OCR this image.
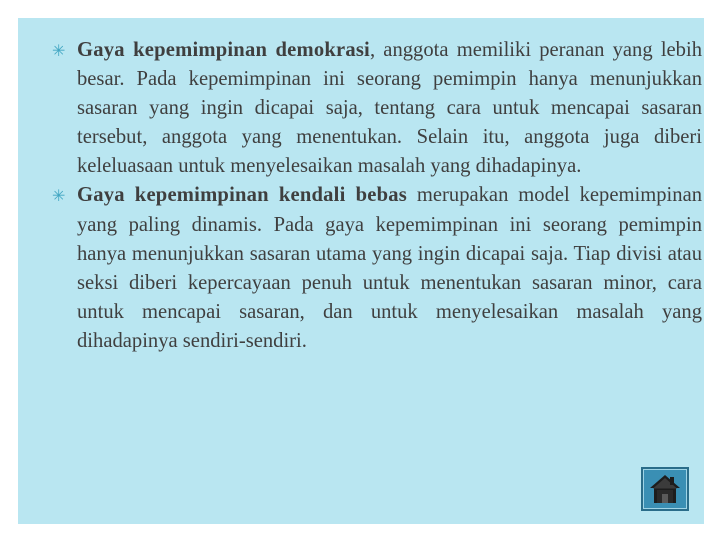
✳ Gaya kepemimpinan demokrasi, anggota memiliki peranan yang lebih besar. Pada kepemimpinan ini seorang pemimpin hanya menunjukkan sasaran yang ingin dicapai saja, tentang cara untuk mencapai sasaran tersebut, anggota yang menentukan. Selain itu, anggota juga diberi keleluasaan untuk menyelesaikan masalah yang dihadapinya.
✳ Gaya kepemimpinan kendali bebas merupakan model kepemimpinan yang paling dinamis. Pada gaya kepemimpinan ini seorang pemimpin hanya menunjukkan sasaran utama yang ingin dicapai saja. Tiap divisi atau seksi diberi kepercayaan penuh untuk menentukan sasaran minor, cara untuk mencapai sasaran, dan untuk menyelesaikan masalah yang dihadapinya sendiri-sendiri.
